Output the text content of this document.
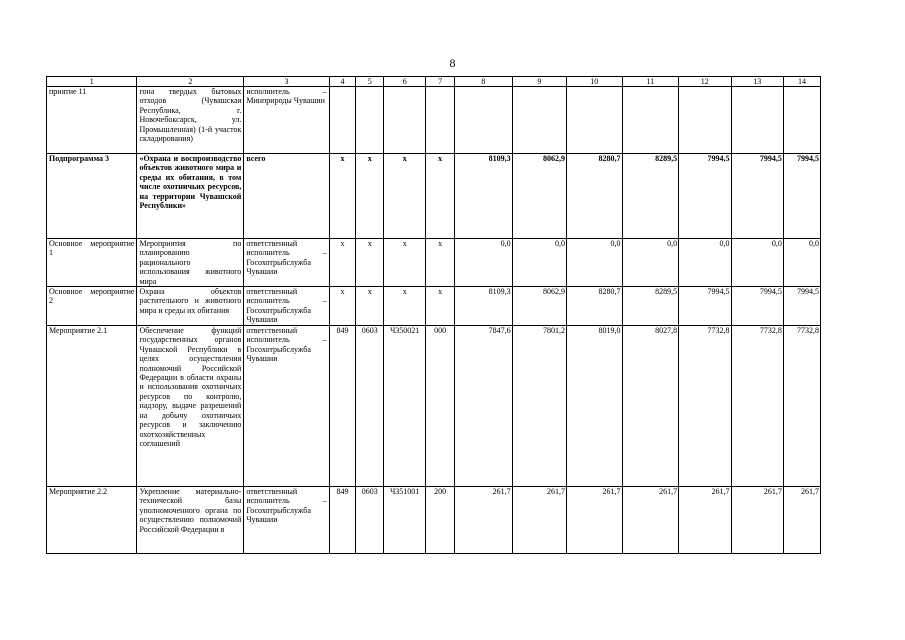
8
1	2	3	4	5	6	7	8	9	10	11	12	13	14
приятие 11	гона твердых бытовых отходов (Чувашская Республика, г. Новочебоксарск, ул. Промышленная) (1-й участок складирования)	исполнитель – Минприроды Чувашии											
Подпрограмма 3	«Охрана и воспроизводство объектов животного мира и среды их обитания, в том числе охотничьих ресурсов, на территории Чувашской Республики»	всего	x	x	x	x	8109,3	8062,9	8280,7	8289,5	7994,5	7994,5	7994,5
Основное мероприятие 1	Мероприятия по планированию рационального использования животного мира	ответственный исполнитель – Госохотрыбслужба Чувашии	x	x	x	x	0,0	0,0	0,0	0,0	0,0	0,0	0,0
Основное мероприятие 2	Охрана объектов растительного и животного мира и среды их обитания	ответственный исполнитель – Госохотрыбслужба Чувашии	x	x	x	x	8109,3	8062,9	8280,7	8289,5	7994,5	7994,5	7994,5
Мероприятие 2.1	Обеспечение функций государственных органов Чувашской Республики в целях осуществления полномочий Российской Федерации в области охраны и использования охотничьих ресурсов по контролю, надзору, выдаче разрешений на добычу охотничьих ресурсов и заключению охотхозяйственных соглашений	ответственный исполнитель – Госохотрыбслужба Чувашии	849	0603	Ч350021	000	7847,6	7801,2	8019,0	8027,8	7732,8	7732,8	7732,8
Мероприятие 2.2	Укрепление материально-технической базы уполномоченного органа по осуществлению полномочий Российской Федерации в	ответственный исполнитель – Госохотрыбслужба Чувашии	849	0603	Ч351001	200	261,7	261,7	261,7	261,7	261,7	261,7	261,7
